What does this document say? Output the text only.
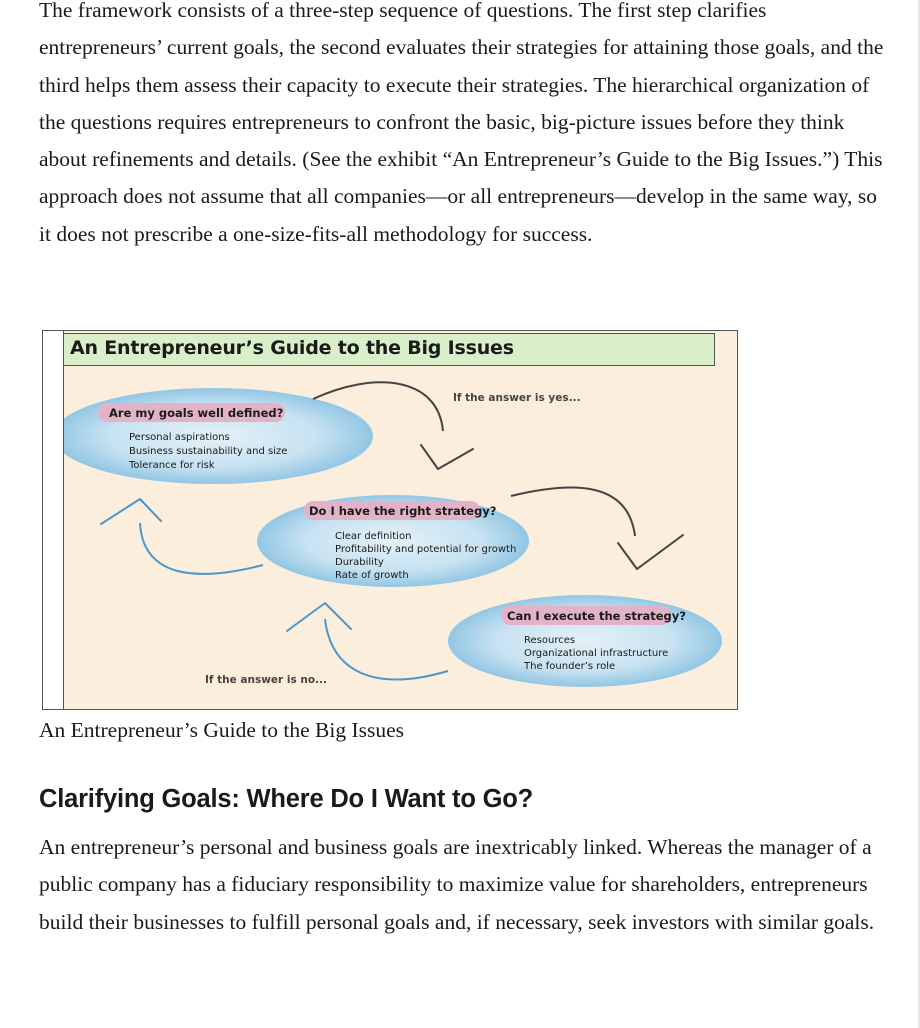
The framework consists of a three-step sequence of questions. The first step clarifies entrepreneurs’ current goals, the second evaluates their strategies for attaining those goals, and the third helps them assess their capacity to execute their strategies. The hierarchical organization of the questions requires entrepreneurs to confront the basic, big-picture issues before they think about refinements and details. (See the exhibit “An Entrepreneur’s Guide to the Big Issues.”) This approach does not assume that all companies—or all entrepreneurs—develop in the same way, so it does not prescribe a one-size-fits-all methodology for success.

Are my goals well defined?
Personal aspirations
Business sustainability and size
Tolerance for risk
Do I have the right strategy?
Clear definition
Profitability and potential for growth
Durability
Rate of growth
Can I execute the strategy?
Resources
Organizational infrastructure
The founder’s role
If the answer is yes...
If the answer is no...
An Entrepreneur’s Guide to the Big Issues
An Entrepreneur’s Guide to the Big Issues
Clarifying Goals: Where Do I Want to Go?

An entrepreneur’s personal and business goals are inextricably linked. Whereas the manager of a public company has a fiduciary responsibility to maximize value for shareholders, entrepreneurs build their businesses to fulfill personal goals and, if necessary, seek investors with similar goals.
